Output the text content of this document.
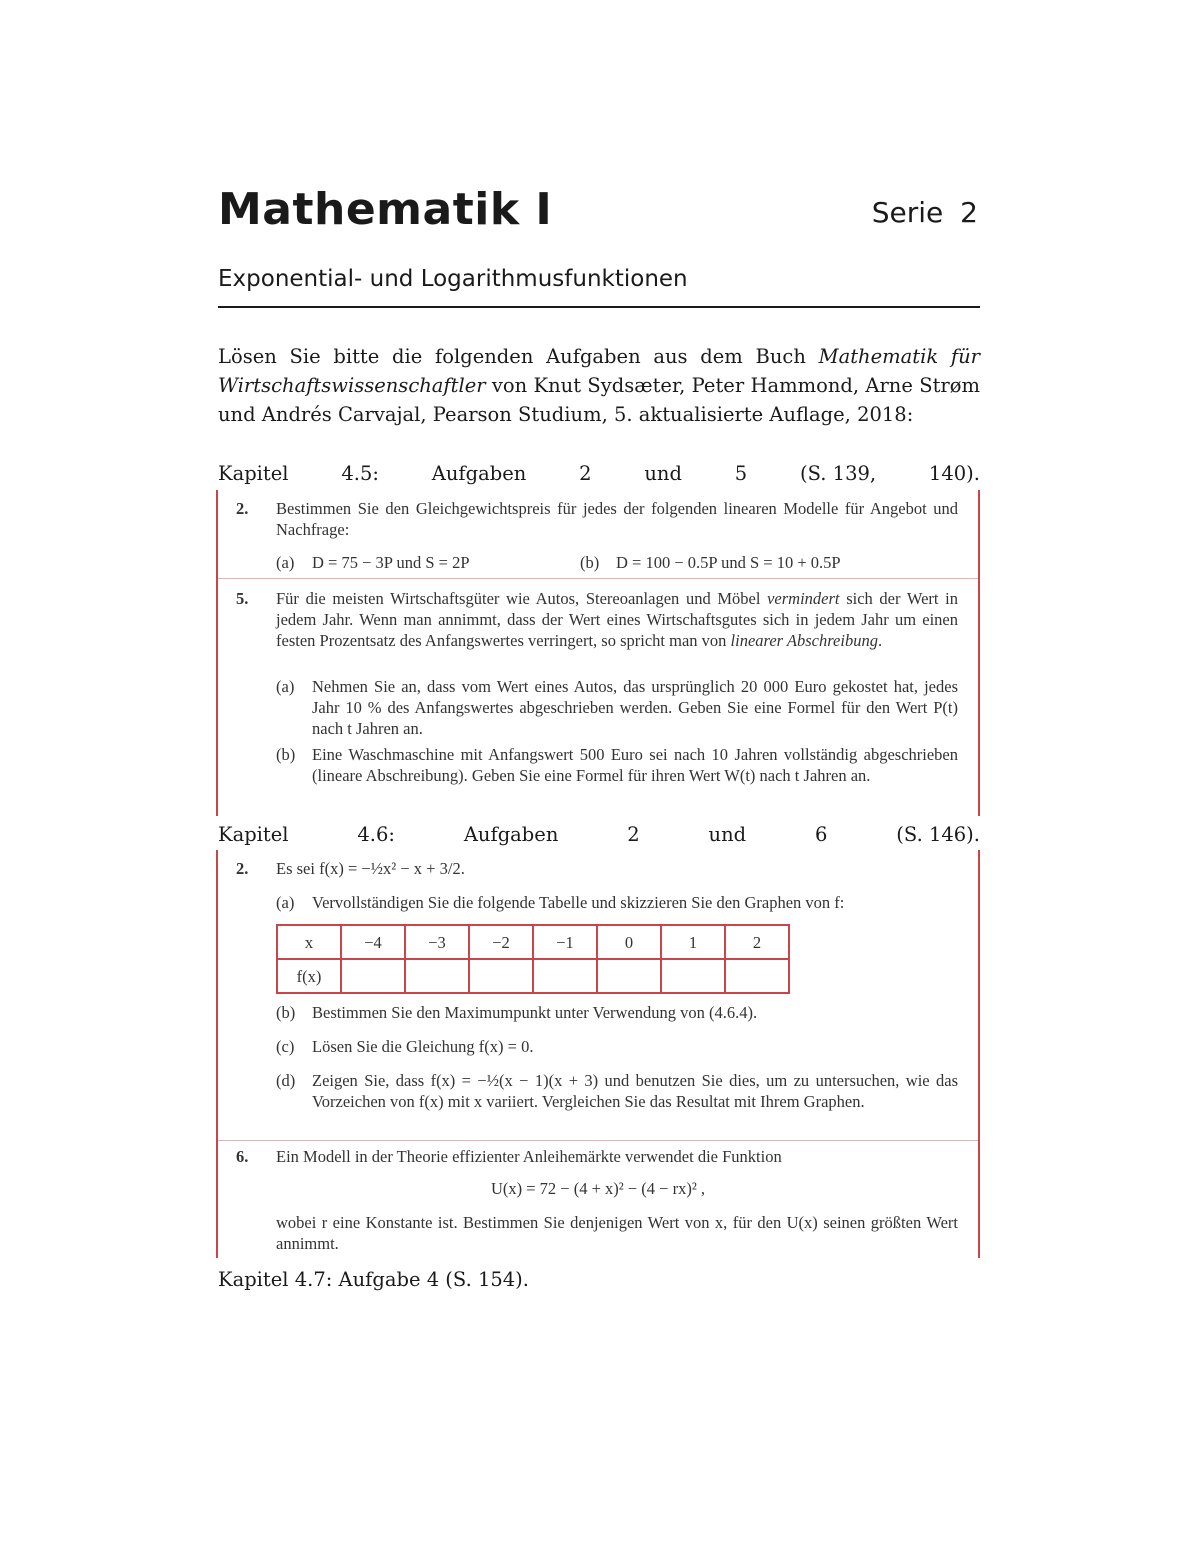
Mathematik I	Serie 2
Exponential- und Logarithmusfunktionen
Lösen Sie bitte die folgenden Aufgaben aus dem Buch Mathematik für Wirtschaftswissenschaftler von Knut Sydsæter, Peter Hammond, Arne Strøm und Andrés Carvajal, Pearson Studium, 5. aktualisierte Auflage, 2018:
Kapitel	4.5:	Aufgaben	2	und	5	(S. 139,	140).
2. Bestimmen Sie den Gleichgewichtspreis für jedes der folgenden linearen Modelle für Angebot und Nachfrage:
(a) D = 75 − 3P und S = 2P	(b) D = 100 − 0.5P und S = 10 + 0.5P
5. Für die meisten Wirtschaftsgüter wie Autos, Stereoanlagen und Möbel vermindert sich der Wert in jedem Jahr. Wenn man annimmt, dass der Wert eines Wirtschaftsgutes sich in jedem Jahr um einen festen Prozentsatz des Anfangswertes verringert, so spricht man von linearer Abschreibung.
(a) Nehmen Sie an, dass vom Wert eines Autos, das ursprünglich 20 000 Euro gekostet hat, jedes Jahr 10 % des Anfangswertes abgeschrieben werden. Geben Sie eine Formel für den Wert P(t) nach t Jahren an.
(b) Eine Waschmaschine mit Anfangswert 500 Euro sei nach 10 Jahren vollständig abgeschrieben (lineare Abschreibung). Geben Sie eine Formel für ihren Wert W(t) nach t Jahren an.
Kapitel	4.6:	Aufgaben	2	und	6	(S. 146).
2. Es sei f(x) = −½x² − x + 3/2.
(a) Vervollständigen Sie die folgende Tabelle und skizzieren Sie den Graphen von f:
x	−4	−3	−2	−1	0	1	2
f(x)							
(b) Bestimmen Sie den Maximumpunkt unter Verwendung von (4.6.4).
(c) Lösen Sie die Gleichung f(x) = 0.
(d) Zeigen Sie, dass f(x) = −½(x − 1)(x + 3) und benutzen Sie dies, um zu untersuchen, wie das Vorzeichen von f(x) mit x variiert. Vergleichen Sie das Resultat mit Ihrem Graphen.
6. Ein Modell in der Theorie effizienter Anleihemärkte verwendet die Funktion
U(x) = 72 − (4 + x)² − (4 − rx)² ,
wobei r eine Konstante ist. Bestimmen Sie denjenigen Wert von x, für den U(x) seinen größten Wert annimmt.
Kapitel 4.7: Aufgabe 4 (S. 154).
